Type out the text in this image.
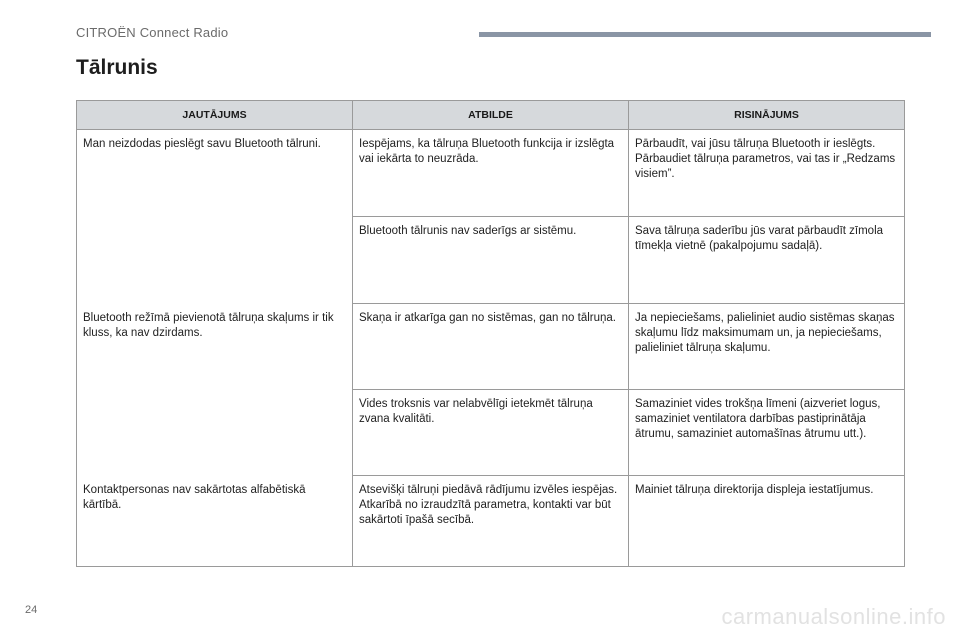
CITROËN Connect Radio
Tālrunis
JAUTĀJUMS	ATBILDE	RISINĀJUMS
Man neizdodas pieslēgt savu Bluetooth tālruni.	Iespējams, ka tālruņa Bluetooth funkcija ir izslēgta vai iekārta to neuzrāda.	Pārbaudīt, vai jūsu tālruņa Bluetooth ir ieslēgts. Pārbaudiet tālruņa parametros, vai tas ir „Redzams visiem”.
	Bluetooth tālrunis nav saderīgs ar sistēmu.	Sava tālruņa saderību jūs varat pārbaudīt zīmola tīmekļa vietnē (pakalpojumu sadaļā).
Bluetooth režīmā pievienotā tālruņa skaļums ir tik kluss, ka nav dzirdams.	Skaņa ir atkarīga gan no sistēmas, gan no tālruņa.	Ja nepieciešams, palieliniet audio sistēmas skaņas skaļumu līdz maksimumam un, ja nepieciešams, palieliniet tālruņa skaļumu.
	Vides troksnis var nelabvēlīgi ietekmēt tālruņa zvana kvalitāti.	Samaziniet vides trokšņa līmeni (aizveriet logus, samaziniet ventilatora darbības pastiprinātāja ātrumu, samaziniet automašīnas ātrumu utt.).
Kontaktpersonas nav sakārtotas alfabētiskā kārtībā.	Atsevišķi tālruņi piedāvā rādījumu izvēles iespējas. Atkarībā no izraudzītā parametra, kontakti var būt sakārtoti īpašā secībā.	Mainiet tālruņa direktorija displeja iestatījumus.
24	carmanualsonline.info
